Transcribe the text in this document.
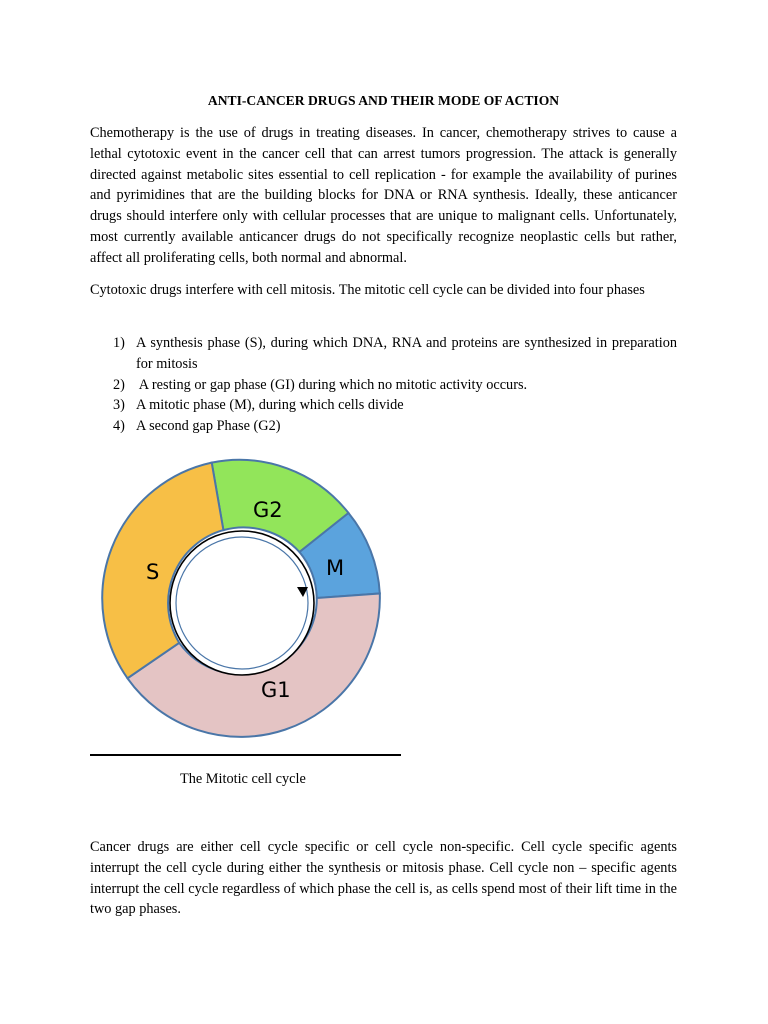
ANTI-CANCER DRUGS AND THEIR MODE OF ACTION

Chemotherapy is the use of drugs in treating diseases. In cancer, chemotherapy strives to cause a lethal cytotoxic event in the cancer cell that can arrest tumors progression. The attack is generally directed against metabolic sites essential to cell replication - for example the availability of purines and pyrimidines that are the building blocks for DNA or RNA synthesis. Ideally, these anticancer drugs should interfere only with cellular processes that are unique to malignant cells. Unfortunately, most currently available anticancer drugs do not specifically recognize neoplastic cells but rather, affect all proliferating cells, both normal and abnormal.

Cytotoxic drugs interfere with cell mitosis. The mitotic cell cycle can be divided into four phases

1) A synthesis phase (S), during which DNA, RNA and proteins are synthesized in preparation for mitosis
2) A resting or gap phase (GI) during which no mitotic activity occurs.
3) A mitotic phase (M), during which cells divide
4) A second gap Phase (G2)
G2
M
G1
S
The Mitotic cell cycle

Cancer drugs are either cell cycle specific or cell cycle non-specific. Cell cycle specific agents interrupt the cell cycle during either the synthesis or mitosis phase. Cell cycle non – specific agents interrupt the cell cycle regardless of which phase the cell is, as cells spend most of their lift time in the two gap phases.
